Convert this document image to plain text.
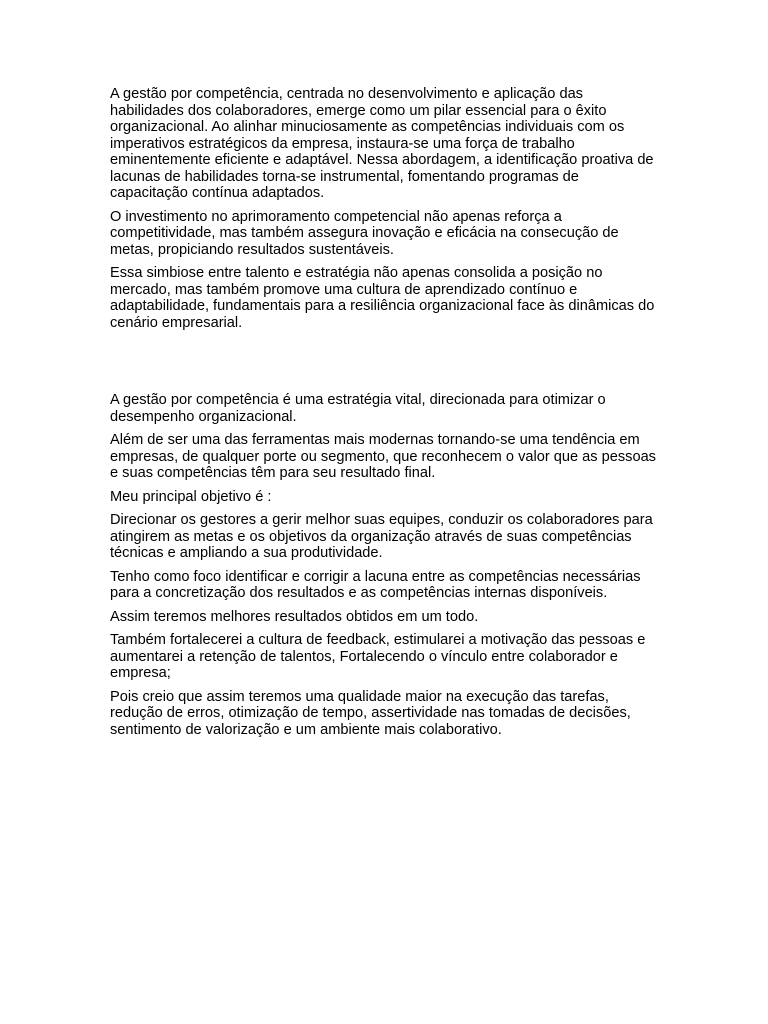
A gestão por competência, centrada no desenvolvimento e aplicação das habilidades dos colaboradores, emerge como um pilar essencial para o êxito organizacional. Ao alinhar minuciosamente as competências individuais com os imperativos estratégicos da empresa, instaura-se uma força de trabalho eminentemente eficiente e adaptável. Nessa abordagem, a identificação proativa de lacunas de habilidades torna-se instrumental, fomentando programas de capacitação contínua adaptados.

O investimento no aprimoramento competencial não apenas reforça a competitividade, mas também assegura inovação e eficácia na consecução de metas, propiciando resultados sustentáveis.

Essa simbiose entre talento e estratégia não apenas consolida a posição no mercado, mas também promove uma cultura de aprendizado contínuo e adaptabilidade, fundamentais para a resiliência organizacional face às dinâmicas do cenário empresarial.

A gestão por competência é uma estratégia vital, direcionada para otimizar o desempenho organizacional.

Além de ser uma das ferramentas mais modernas tornando-se uma tendência em empresas, de qualquer porte ou segmento, que reconhecem o valor que as pessoas e suas competências têm para seu resultado final.

Meu principal objetivo é :

Direcionar os gestores a gerir melhor suas equipes, conduzir os colaboradores para atingirem as metas e os objetivos da organização através de suas competências técnicas e ampliando a sua produtividade.

Tenho como foco identificar e corrigir a lacuna entre as competências necessárias para a concretização dos resultados e as competências internas disponíveis.

Assim teremos melhores resultados obtidos em um todo.

Também fortalecerei a cultura de feedback, estimularei a motivação das pessoas e aumentarei a retenção de talentos, Fortalecendo o vínculo entre colaborador e empresa;

Pois creio que assim teremos uma qualidade maior na execução das tarefas, redução de erros, otimização de tempo, assertividade nas tomadas de decisões, sentimento de valorização e um ambiente mais colaborativo.
